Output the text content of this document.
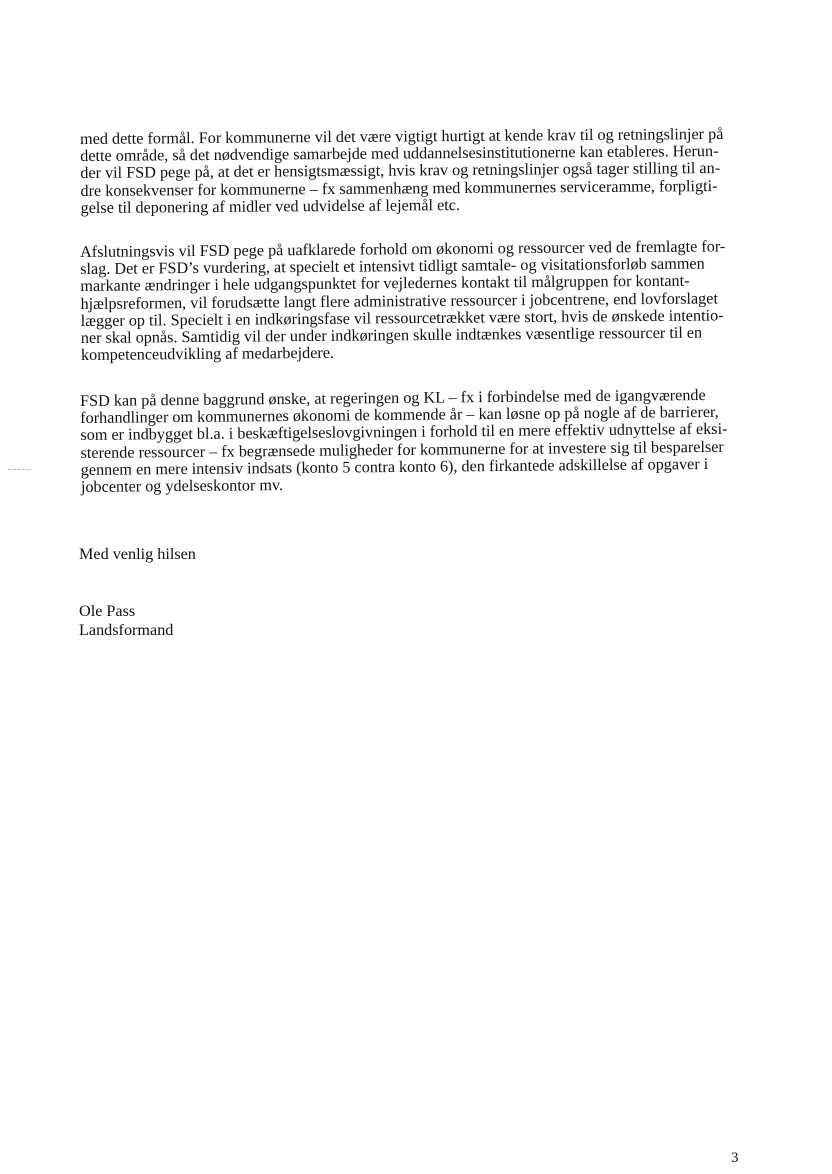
med dette formål. For kommunerne vil det være vigtigt hurtigt at kende krav til og retningslinjer på
dette område, så det nødvendige samarbejde med uddannelsesinstitutionerne kan etableres. Herun-
der vil FSD pege på, at det er hensigtsmæssigt, hvis krav og retningslinjer også tager stilling til an-
dre konsekvenser for kommunerne – fx sammenhæng med kommunernes serviceramme, forpligti-
gelse til deponering af midler ved udvidelse af lejemål etc.
Afslutningsvis vil FSD pege på uafklarede forhold om økonomi og ressourcer ved de fremlagte for-
slag. Det er FSD’s vurdering, at specielt et intensivt tidligt samtale- og visitationsforløb sammen
markante ændringer i hele udgangspunktet for vejledernes kontakt til målgruppen for kontant-
hjælpsreformen, vil forudsætte langt flere administrative ressourcer i jobcentrene, end lovforslaget
lægger op til. Specielt i en indkøringsfase vil ressourcetrækket være stort, hvis de ønskede intentio-
ner skal opnås. Samtidig vil der under indkøringen skulle indtænkes væsentlige ressourcer til en
kompetenceudvikling af medarbejdere.
FSD kan på denne baggrund ønske, at regeringen og KL – fx i forbindelse med de igangværende
forhandlinger om kommunernes økonomi de kommende år – kan løsne op på nogle af de barrierer,
som er indbygget bl.a. i beskæftigelseslovgivningen i forhold til en mere effektiv udnyttelse af eksi-
sterende ressourcer – fx begrænsede muligheder for kommunerne for at investere sig til besparelser
gennem en mere intensiv indsats (konto 5 contra konto 6), den firkantede adskillelse af opgaver i
jobcenter og ydelseskontor mv.
Med venlig hilsen
Ole Pass
Landsformand
3
